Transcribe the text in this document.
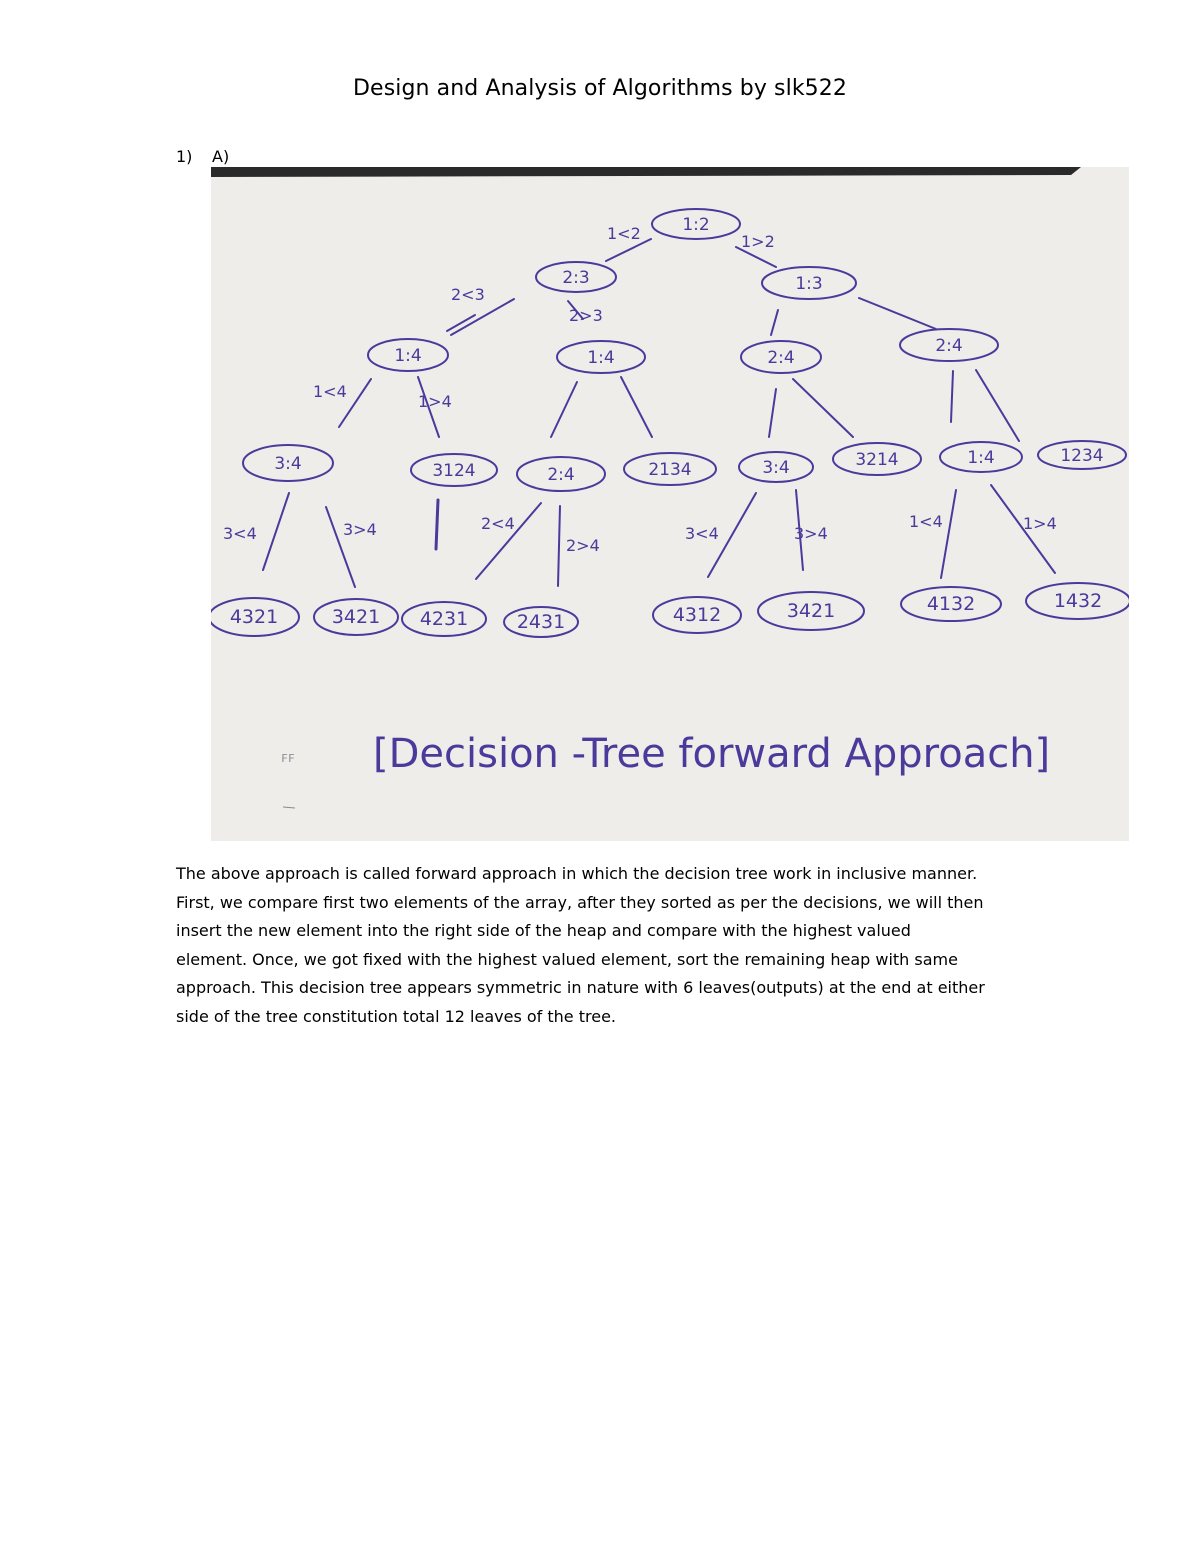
Design and Analysis of Algorithms by slk522
1) A)
1<2	1>2
2<3
2>3
1<4
1>4
3<4	3>4	2<4
2>4
3<4	3>4
1<4	1>4
1:2
2:3	1:3
1:4	1:4	2:4
2:4
3:4	3124	2:4	2134	3:4	3214	1:4	1234
4321	3421 4231	2431	4312	3421	4132	1432
[Decision -Tree forward Approach]
ꜰꜰ
The above approach is called forward approach in which the decision tree work in inclusive manner.
First, we compare first two elements of the array, after they sorted as per the decisions, we will then
insert the new element into the right side of the heap and compare with the highest valued
element. Once, we got fixed with the highest valued element, sort the remaining heap with same
approach. This decision tree appears symmetric in nature with 6 leaves(outputs) at the end at either
side of the tree constitution total 12 leaves of the tree.
